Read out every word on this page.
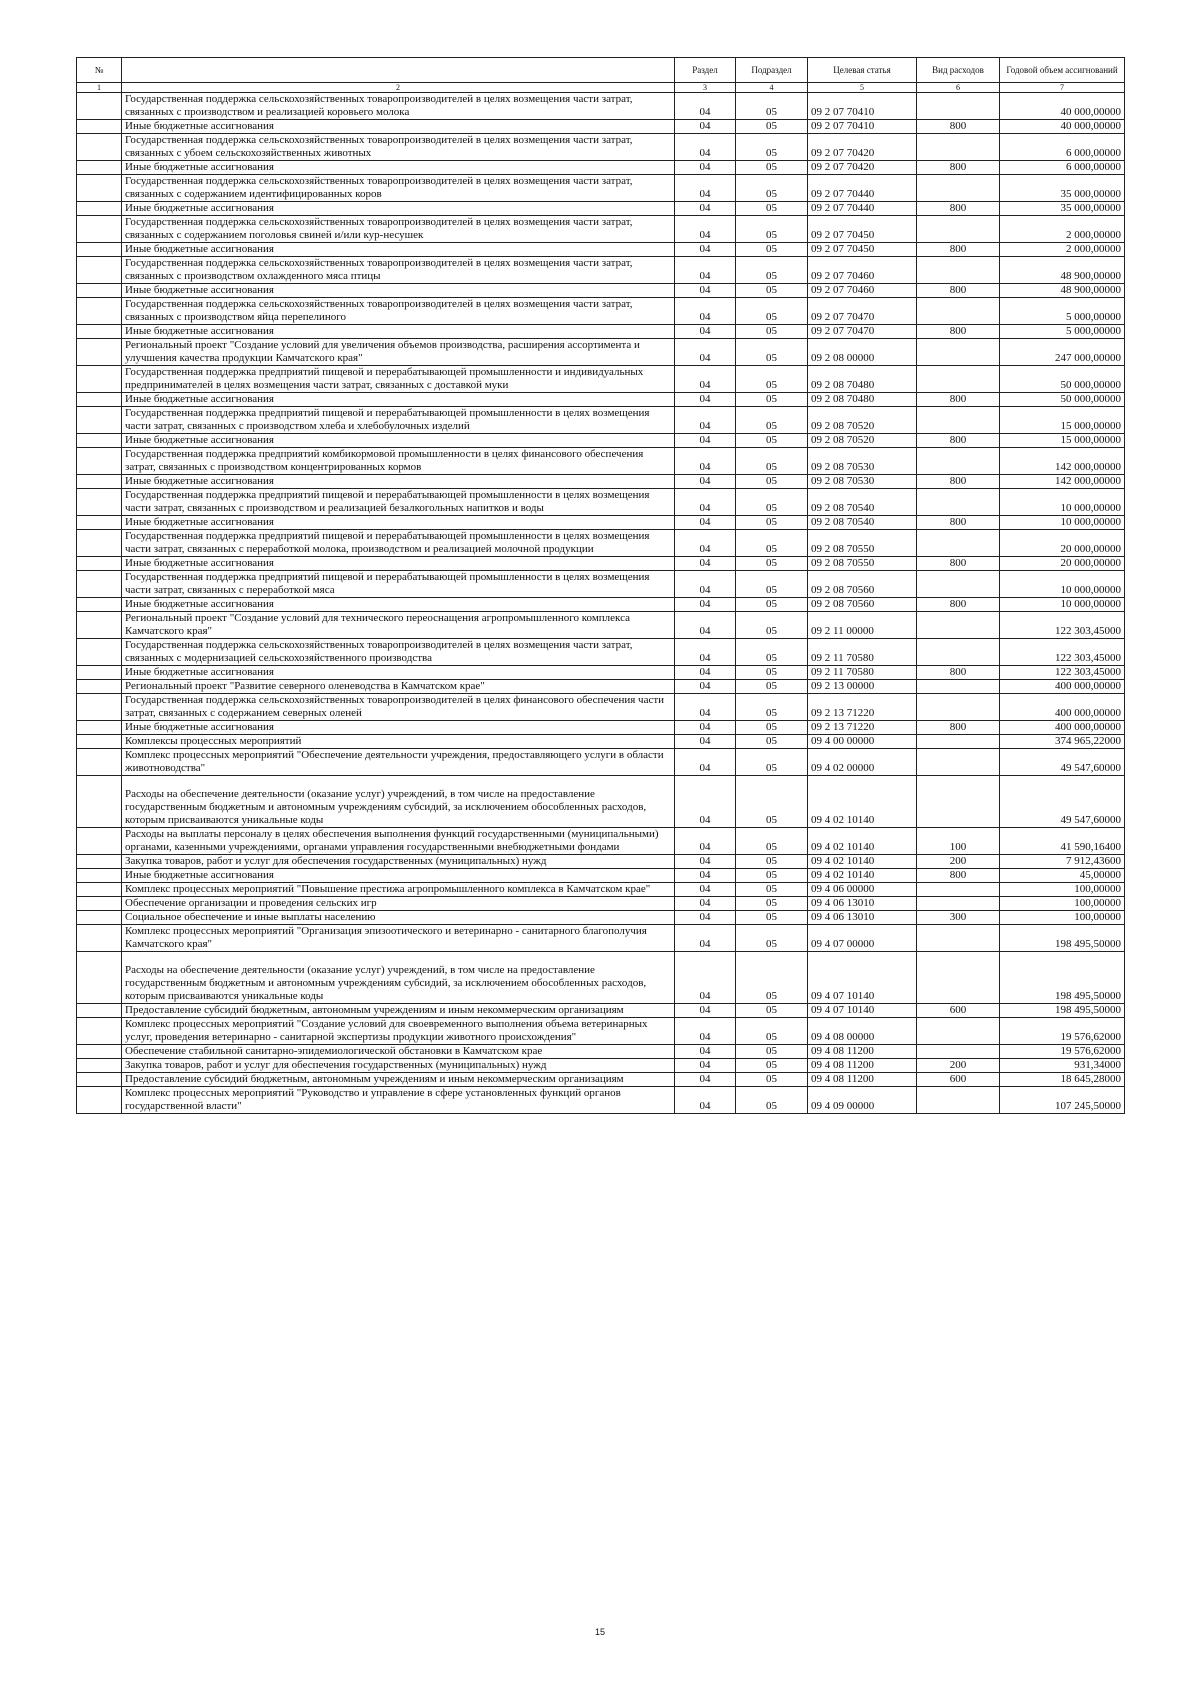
№		Раздел	Подраздел	Целевая статья	Вид расходов	Годовой объем ассигнований
1	2	3	4	5	6	7
	Государственная поддержка сельскохозяйственных товаропроизводителей в целях возмещения части затрат, связанных с производством и реализацией коровьего молока	04	05	09 2 07 70410		40 000,00000
	Иные бюджетные ассигнования	04	05	09 2 07 70410	800	40 000,00000
	Государственная поддержка сельскохозяйственных товаропроизводителей в целях возмещения части затрат, связанных с убоем сельскохозяйственных животных	04	05	09 2 07 70420		6 000,00000
	Иные бюджетные ассигнования	04	05	09 2 07 70420	800	6 000,00000
	Государственная поддержка сельскохозяйственных товаропроизводителей в целях возмещения части затрат, связанных с содержанием идентифицированных коров	04	05	09 2 07 70440		35 000,00000
	Иные бюджетные ассигнования	04	05	09 2 07 70440	800	35 000,00000
	Государственная поддержка сельскохозяйственных товаропроизводителей в целях возмещения части затрат, связанных с содержанием поголовья свиней и/или кур-несушек	04	05	09 2 07 70450		2 000,00000
	Иные бюджетные ассигнования	04	05	09 2 07 70450	800	2 000,00000
	Государственная поддержка сельскохозяйственных товаропроизводителей в целях возмещения части затрат, связанных с производством охлажденного мяса птицы	04	05	09 2 07 70460		48 900,00000
	Иные бюджетные ассигнования	04	05	09 2 07 70460	800	48 900,00000
	Государственная поддержка сельскохозяйственных товаропроизводителей в целях возмещения части затрат, связанных с производством яйца перепелиного	04	05	09 2 07 70470		5 000,00000
	Иные бюджетные ассигнования	04	05	09 2 07 70470	800	5 000,00000
	Региональный проект "Создание условий для увеличения объемов производства, расширения ассортимента и улучшения качества продукции Камчатского края"	04	05	09 2 08 00000		247 000,00000
	Государственная поддержка предприятий пищевой и перерабатывающей промышленности и индивидуальных предпринимателей в целях возмещения части затрат, связанных с доставкой муки	04	05	09 2 08 70480		50 000,00000
	Иные бюджетные ассигнования	04	05	09 2 08 70480	800	50 000,00000
	Государственная поддержка предприятий пищевой и перерабатывающей промышленности в целях возмещения части затрат, связанных с производством хлеба и хлебобулочных изделий	04	05	09 2 08 70520		15 000,00000
	Иные бюджетные ассигнования	04	05	09 2 08 70520	800	15 000,00000
	Государственная поддержка предприятий комбикормовой промышленности в целях финансового обеспечения затрат, связанных с производством концентрированных кормов	04	05	09 2 08 70530		142 000,00000
	Иные бюджетные ассигнования	04	05	09 2 08 70530	800	142 000,00000
	Государственная поддержка предприятий пищевой и перерабатывающей промышленности в целях возмещения части затрат, связанных с производством и реализацией безалкогольных напитков и воды	04	05	09 2 08 70540		10 000,00000
	Иные бюджетные ассигнования	04	05	09 2 08 70540	800	10 000,00000
	Государственная поддержка предприятий пищевой и перерабатывающей промышленности в целях возмещения части затрат, связанных с переработкой молока, производством и реализацией молочной продукции	04	05	09 2 08 70550		20 000,00000
	Иные бюджетные ассигнования	04	05	09 2 08 70550	800	20 000,00000
	Государственная поддержка предприятий пищевой и перерабатывающей промышленности в целях возмещения части затрат, связанных с переработкой мяса	04	05	09 2 08 70560		10 000,00000
	Иные бюджетные ассигнования	04	05	09 2 08 70560	800	10 000,00000
	Региональный проект "Создание условий для технического переоснащения агропромышленного комплекса Камчатского края"	04	05	09 2 11 00000		122 303,45000
	Государственная поддержка сельскохозяйственных товаропроизводителей в целях возмещения части затрат, связанных с модернизацией сельскохозяйственного производства	04	05	09 2 11 70580		122 303,45000
	Иные бюджетные ассигнования	04	05	09 2 11 70580	800	122 303,45000
	Региональный проект "Развитие северного оленеводства в Камчатском крае"	04	05	09 2 13 00000		400 000,00000
	Государственная поддержка сельскохозяйственных товаропроизводителей в целях финансового обеспечения части затрат, связанных с содержанием северных оленей	04	05	09 2 13 71220		400 000,00000
	Иные бюджетные ассигнования	04	05	09 2 13 71220	800	400 000,00000
	Комплексы процессных мероприятий	04	05	09 4 00 00000		374 965,22000
	Комплекс процессных мероприятий "Обеспечение деятельности учреждения, предоставляющего услуги в области животноводства"	04	05	09 4 02 00000		49 547,60000
	Расходы на обеспечение деятельности (оказание услуг) учреждений, в том числе на предоставление государственным бюджетным и автономным учреждениям субсидий, за исключением обособленных расходов, которым присваиваются уникальные коды	04	05	09 4 02 10140		49 547,60000
	Расходы на выплаты персоналу в целях обеспечения выполнения функций государственными (муниципальными) органами, казенными учреждениями, органами управления государственными внебюджетными фондами	04	05	09 4 02 10140	100	41 590,16400
	Закупка товаров, работ и услуг для обеспечения государственных (муниципальных) нужд	04	05	09 4 02 10140	200	7 912,43600
	Иные бюджетные ассигнования	04	05	09 4 02 10140	800	45,00000
	Комплекс процессных мероприятий "Повышение престижа агропромышленного комплекса в Камчатском крае"	04	05	09 4 06 00000		100,00000
	Обеспечение организации и проведения сельских игр	04	05	09 4 06 13010		100,00000
	Социальное обеспечение и иные выплаты населению	04	05	09 4 06 13010	300	100,00000
	Комплекс процессных мероприятий "Организация эпизоотического и ветеринарно - санитарного благополучия Камчатского края"	04	05	09 4 07 00000		198 495,50000
	Расходы на обеспечение деятельности (оказание услуг) учреждений, в том числе на предоставление государственным бюджетным и автономным учреждениям субсидий, за исключением обособленных расходов, которым присваиваются уникальные коды	04	05	09 4 07 10140		198 495,50000
	Предоставление субсидий бюджетным, автономным учреждениям и иным некоммерческим организациям	04	05	09 4 07 10140	600	198 495,50000
	Комплекс процессных мероприятий "Создание условий для своевременного выполнения объема ветеринарных услуг, проведения ветеринарно - санитарной экспертизы продукции животного происхождения"	04	05	09 4 08 00000		19 576,62000
	Обеспечение стабильной санитарно-эпидемиологической обстановки в Камчатском крае	04	05	09 4 08 11200		19 576,62000
	Закупка товаров, работ и услуг для обеспечения государственных (муниципальных) нужд	04	05	09 4 08 11200	200	931,34000
	Предоставление субсидий бюджетным, автономным учреждениям и иным некоммерческим организациям	04	05	09 4 08 11200	600	18 645,28000
	Комплекс процессных мероприятий "Руководство и управление в сфере установленных функций органов государственной власти"	04	05	09 4 09 00000		107 245,50000
15
